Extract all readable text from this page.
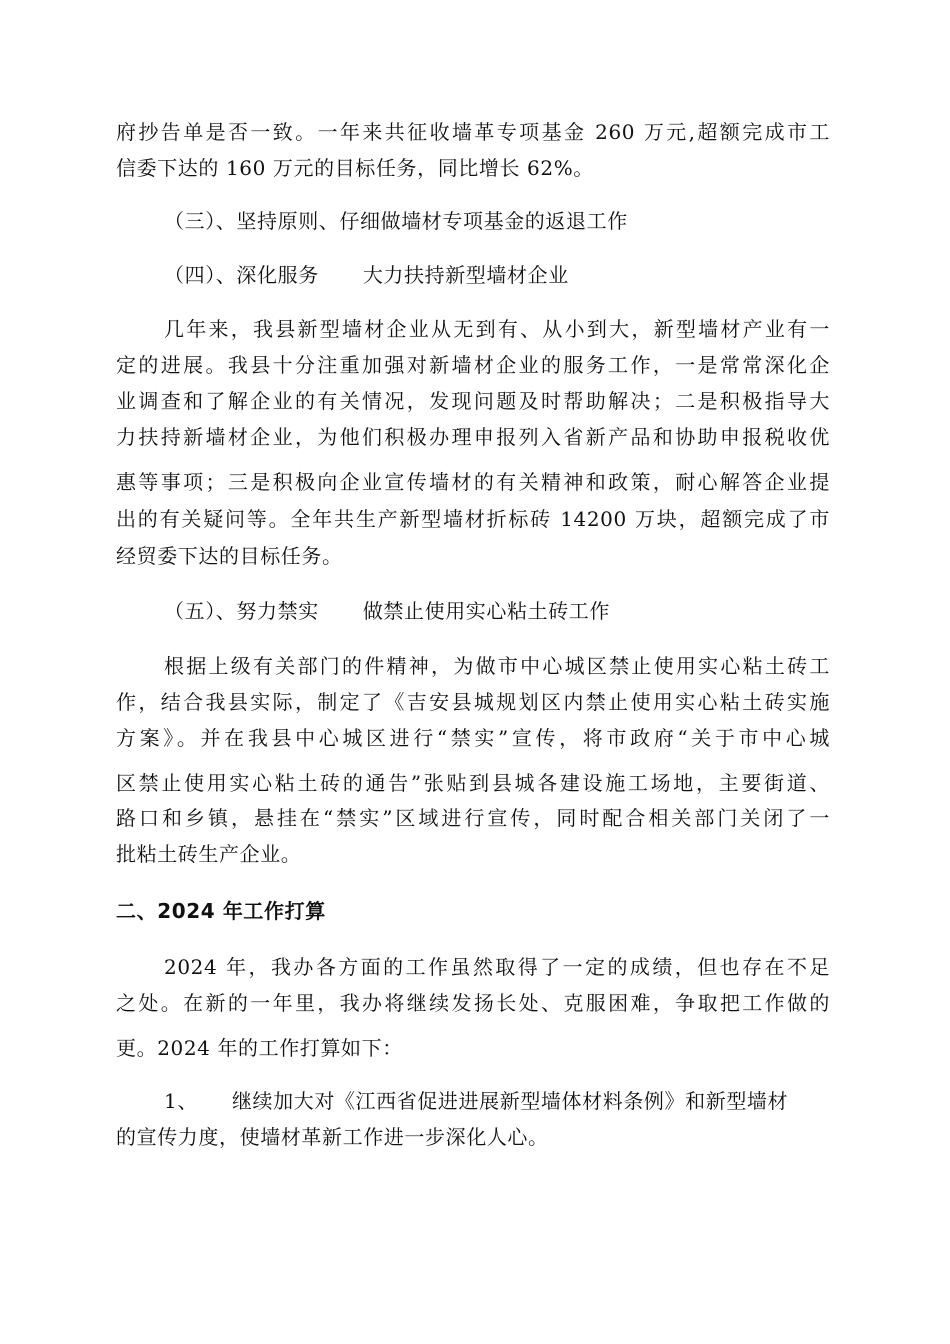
府抄告单是否一致。一年来共征收墙革专项基金 260 万元,超额完成市工
信委下达的 160 万元的目标任务，同比增长 62%。
（三）、坚持原则、仔细做墙材专项基金的返退工作
（四）、深化服务 大力扶持新型墙材企业
几年来，我县新型墙材企业从无到有、从小到大，新型墙材产业有一
定的进展。我县十分注重加强对新墙材企业的服务工作，一是常常深化企
业调查和了解企业的有关情况，发现问题及时帮助解决；二是积极指导大
力扶持新墙材企业，为他们积极办理申报列入省新产品和协助申报税收优
惠等事项；三是积极向企业宣传墙材的有关精神和政策，耐心解答企业提
出的有关疑问等。全年共生产新型墙材折标砖 14200 万块，超额完成了市
经贸委下达的目标任务。
（五）、努力禁实 做禁止使用实心粘土砖工作
根据上级有关部门的件精神，为做市中心城区禁止使用实心粘土砖工
作，结合我县实际，制定了《吉安县城规划区内禁止使用实心粘土砖实施
方案》。并在我县中心城区进行“禁实”宣传，将市政府“关于市中心城
区禁止使用实心粘土砖的通告”张贴到县城各建设施工场地，主要街道、
路口和乡镇，悬挂在“禁实”区域进行宣传，同时配合相关部门关闭了一
批粘土砖生产企业。
二、2024 年工作打算
2024 年，我办各方面的工作虽然取得了一定的成绩，但也存在不足
之处。在新的一年里，我办将继续发扬长处、克服困难，争取把工作做的
更。2024 年的工作打算如下：
1、 继续加大对《江西省促进进展新型墙体材料条例》和新型墙材
的宣传力度，使墙材革新工作进一步深化人心。
